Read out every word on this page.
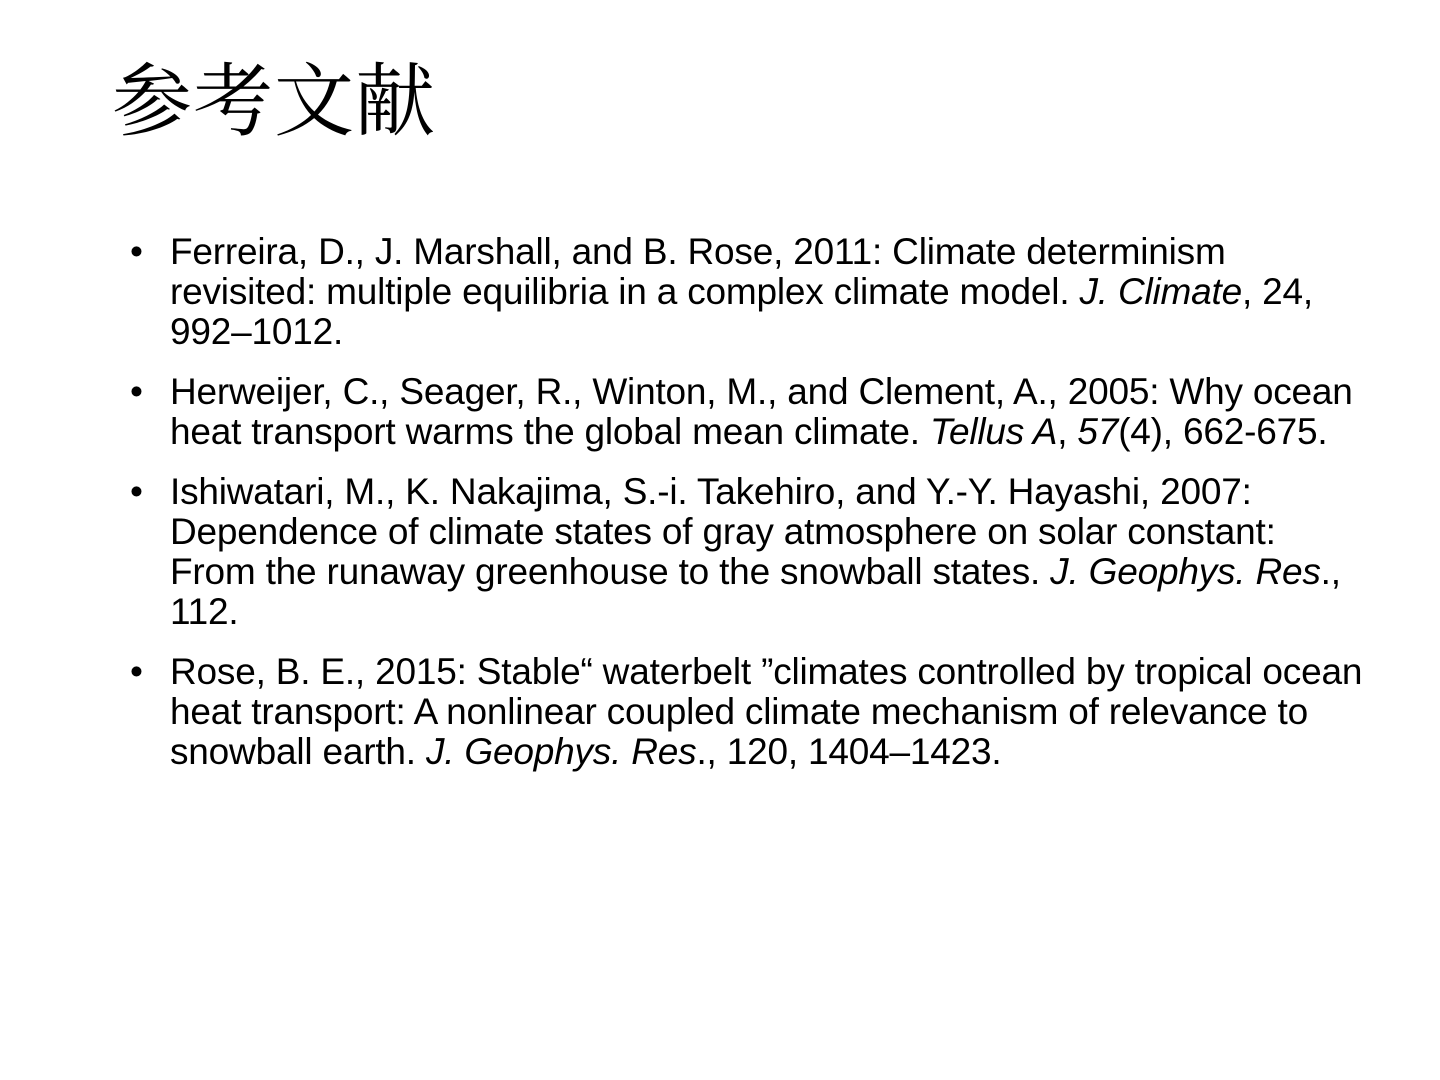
参考文献
• Ferreira, D., J. Marshall, and B. Rose, 2011: Climate determinism revisited: multiple equilibria in a complex climate model. J. Climate, 24, 992–1012.
• Herweijer, C., Seager, R., Winton, M., and Clement, A., 2005: Why ocean heat transport warms the global mean climate. Tellus A, 57(4), 662-675.
• Ishiwatari, M., K. Nakajima, S.-i. Takehiro, and Y.-Y. Hayashi, 2007: Dependence of climate states of gray atmosphere on solar constant: From the runaway greenhouse to the snowball states. J. Geophys. Res., 112.
• Rose, B. E., 2015: Stable“ waterbelt ”climates controlled by tropical ocean heat transport: A nonlinear coupled climate mechanism of relevance to snowball earth. J. Geophys. Res., 120, 1404–1423.
